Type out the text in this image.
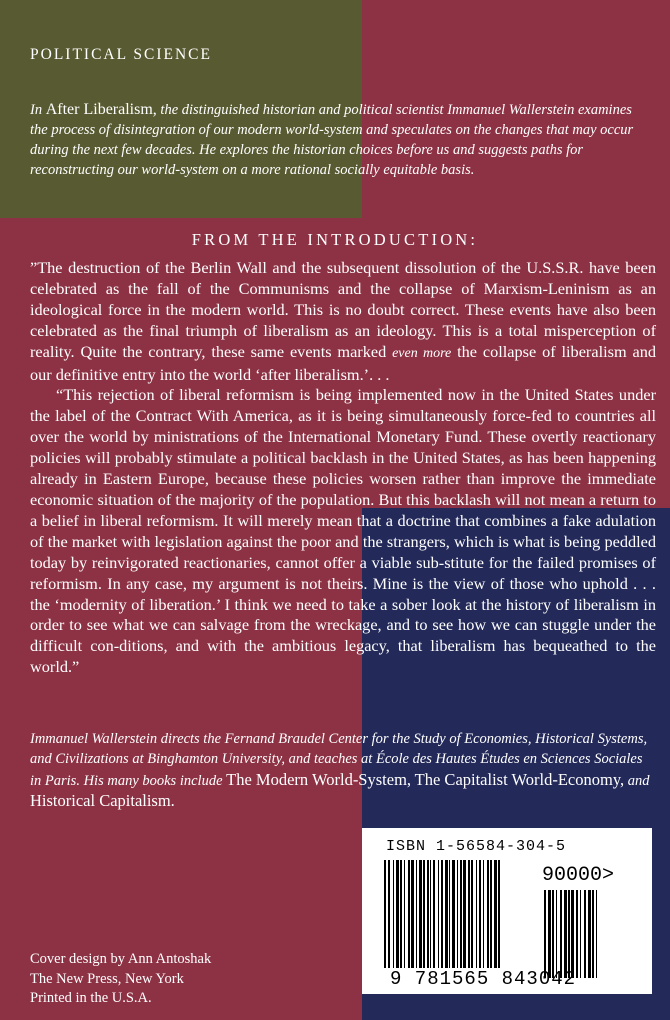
POLITICAL SCIENCE
In After Liberalism, the distinguished historian and political scientist Immanuel Wallerstein examines the process of disintegration of our modern world-system and speculates on the changes that may occur during the next few decades. He explores the historian choices before us and suggests paths for reconstructing our world-system on a more rational socially equitable basis.
FROM THE INTRODUCTION:

”The destruction of the Berlin Wall and the subsequent dissolution of the U.S.S.R. have been celebrated as the fall of the Communisms and the collapse of Marxism-Leninism as an ideological force in the modern world. This is no doubt correct. These events have also been celebrated as the final triumph of liberalism as an ideology. This is a total misperception of reality. Quite the contrary, these same events marked even more the collapse of liberalism and our definitive entry into the world ‘after liberalism.’. . .

“This rejection of liberal reformism is being implemented now in the United States under the label of the Contract With America, as it is being simultaneously force-fed to countries all over the world by ministrations of the International Monetary Fund. These overtly reactionary policies will probably stimulate a political backlash in the United States, as has been happening already in Eastern Europe, because these policies worsen rather than improve the immediate economic situation of the majority of the population. But this backlash will not mean a return to a belief in liberal reformism. It will merely mean that a doctrine that combines a fake adulation of the market with legislation against the poor and the strangers, which is what is being peddled today by reinvigorated reactionaries, cannot offer a viable sub-stitute for the failed promises of reformism. In any case, my argument is not theirs. Mine is the view of those who uphold . . . the ‘modernity of liberation.’ I think we need to take a sober look at the history of liberalism in order to see what we can salvage from the wreckage, and to see how we can stuggle under the difficult con-ditions, and with the ambitious legacy, that liberalism has bequeathed to the world.”

Immanuel Wallerstein directs the Fernand Braudel Center for the Study of Economies, Historical Systems, and Civilizations at Binghamton University, and teaches at École des Hautes Études en Sciences Sociales in Paris. His many books include The Modern World-System, The Capitalist World-Economy, and Historical Capitalism.
Cover design by Ann Antoshak
The New Press, New York
Printed in the U.S.A.
ISBN 1-56584-304-5
90000>
9 781565 843042
